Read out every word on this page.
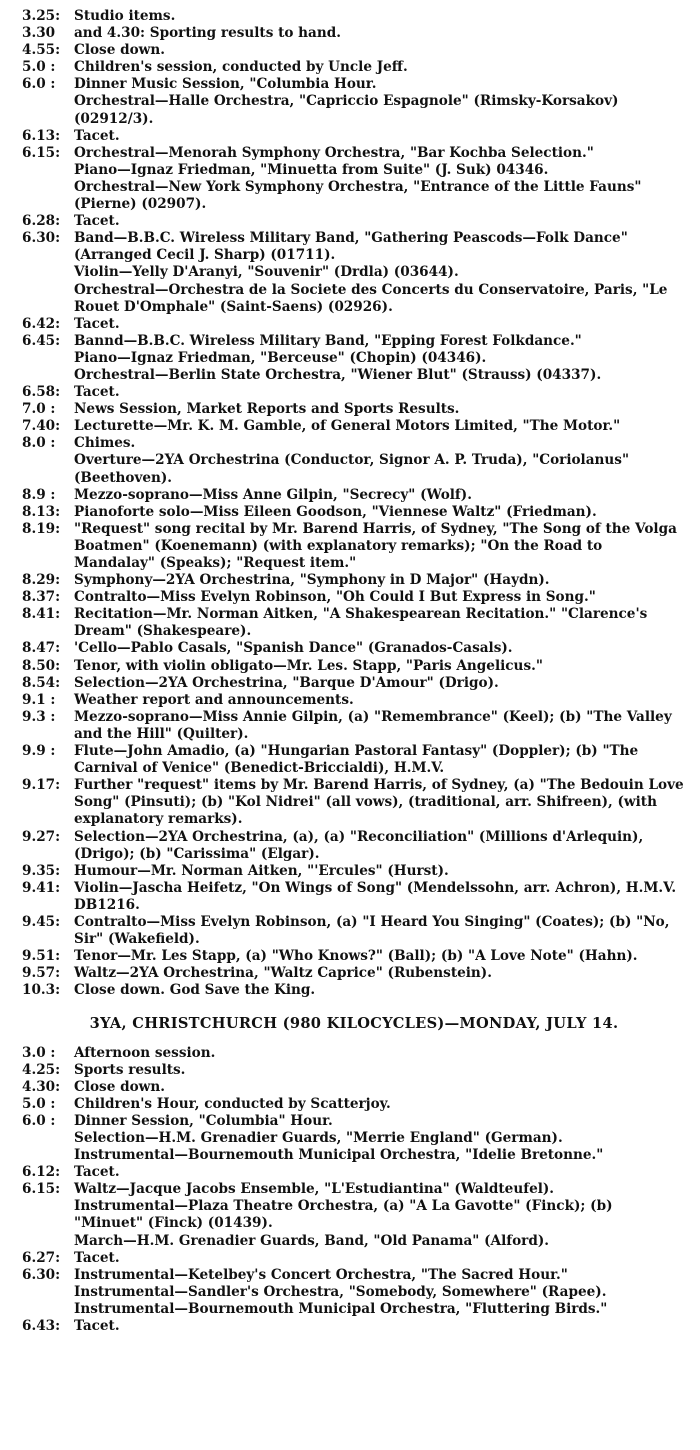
3.25:	Studio items.
3.30	and 4.30: Sporting results to hand.
4.55:	Close down.
5.0 :	Children's session, conducted by Uncle Jeff.
6.0 :	Dinner Music Session, "Columbia Hour.
Orchestral—Halle Orchestra, "Capriccio Espagnole" (Rimsky-Korsakov) (02912/3).
6.13:	Tacet.
6.15:	Orchestral—Menorah Symphony Orchestra, "Bar Kochba Selection."
Piano—Ignaz Friedman, "Minuetta from Suite" (J. Suk) 04346.
Orchestral—New York Symphony Orchestra, "Entrance of the Little Fauns" (Pierne) (02907).
6.28:	Tacet.
6.30:	Band—B.B.C. Wireless Military Band, "Gathering Peascods—Folk Dance" (Arranged Cecil J. Sharp) (01711).
Violin—Yelly D'Aranyi, "Souvenir" (Drdla) (03644).
Orchestral—Orchestra de la Societe des Concerts du Conservatoire, Paris, "Le Rouet D'Omphale" (Saint-Saens) (02926).
6.42:	Tacet.
6.45:	Bannd—B.B.C. Wireless Military Band, "Epping Forest Folkdance."
Piano—Ignaz Friedman, "Berceuse" (Chopin) (04346).
Orchestral—Berlin State Orchestra, "Wiener Blut" (Strauss) (04337).
6.58:	Tacet.
7.0 :	News Session, Market Reports and Sports Results.
7.40:	Lecturette—Mr. K. M. Gamble, of General Motors Limited, "The Motor."
8.0 :	Chimes.
Overture—2YA Orchestrina (Conductor, Signor A. P. Truda), "Coriolanus" (Beethoven).
8.9 :	Mezzo-soprano—Miss Anne Gilpin, "Secrecy" (Wolf).
8.13:	Pianoforte solo—Miss Eileen Goodson, "Viennese Waltz" (Friedman).
8.19:	"Request" song recital by Mr. Barend Harris, of Sydney, "The Song of the Volga Boatmen" (Koenemann) (with explanatory remarks); "On the Road to Mandalay" (Speaks); "Request item."
8.29:	Symphony—2YA Orchestrina, "Symphony in D Major" (Haydn).
8.37:	Contralto—Miss Evelyn Robinson, "Oh Could I But Express in Song."
8.41:	Recitation—Mr. Norman Aitken, "A Shakespearean Recitation." "Clarence's Dream" (Shakespeare).
8.47:	'Cello—Pablo Casals, "Spanish Dance" (Granados-Casals).
8.50:	Tenor, with violin obligato—Mr. Les. Stapp, "Paris Angelicus."
8.54:	Selection—2YA Orchestrina, "Barque D'Amour" (Drigo).
9.1 :	Weather report and announcements.
9.3 :	Mezzo-soprano—Miss Annie Gilpin, (a) "Remembrance" (Keel); (b) "The Valley and the Hill" (Quilter).
9.9 :	Flute—John Amadio, (a) "Hungarian Pastoral Fantasy" (Doppler); (b) "The Carnival of Venice" (Benedict-Briccialdi), H.M.V.
9.17:	Further "request" items by Mr. Barend Harris, of Sydney, (a) "The Bedouin Love Song" (Pinsuti); (b) "Kol Nidrei" (all vows), (traditional, arr. Shifreen), (with explanatory remarks).
9.27:	Selection—2YA Orchestrina, (a), (a) "Reconciliation" (Millions d'Arlequin), (Drigo); (b) "Carissima" (Elgar).
9.35:	Humour—Mr. Norman Aitken, "'Ercules" (Hurst).
9.41:	Violin—Jascha Heifetz, "On Wings of Song" (Mendelssohn, arr. Achron), H.M.V. DB1216.
9.45:	Contralto—Miss Evelyn Robinson, (a) "I Heard You Singing" (Coates); (b) "No, Sir" (Wakefield).
9.51:	Tenor—Mr. Les Stapp, (a) "Who Knows?" (Ball); (b) "A Love Note" (Hahn).
9.57:	Waltz—2YA Orchestrina, "Waltz Caprice" (Rubenstein).
10.3:	Close down. God Save the King.
3YA, CHRISTCHURCH (980 KILOCYCLES)—MONDAY, JULY 14.
3.0 :	Afternoon session.
4.25:	Sports results.
4.30:	Close down.
5.0 :	Children's Hour, conducted by Scatterjoy.
6.0 :	Dinner Session, "Columbia" Hour.
Selection—H.M. Grenadier Guards, "Merrie England" (German).
Instrumental—Bournemouth Municipal Orchestra, "Idelie Bretonne."
6.12:	Tacet.
6.15:	Waltz—Jacque Jacobs Ensemble, "L'Estudiantina" (Waldteufel).
Instrumental—Plaza Theatre Orchestra, (a) "A La Gavotte" (Finck); (b) "Minuet" (Finck) (01439).
March—H.M. Grenadier Guards, Band, "Old Panama" (Alford).
6.27:	Tacet.
6.30:	Instrumental—Ketelbey's Concert Orchestra, "The Sacred Hour."
Instrumental—Sandler's Orchestra, "Somebody, Somewhere" (Rapee).
Instrumental—Bournemouth Municipal Orchestra, "Fluttering Birds."
6.43:	Tacet.
